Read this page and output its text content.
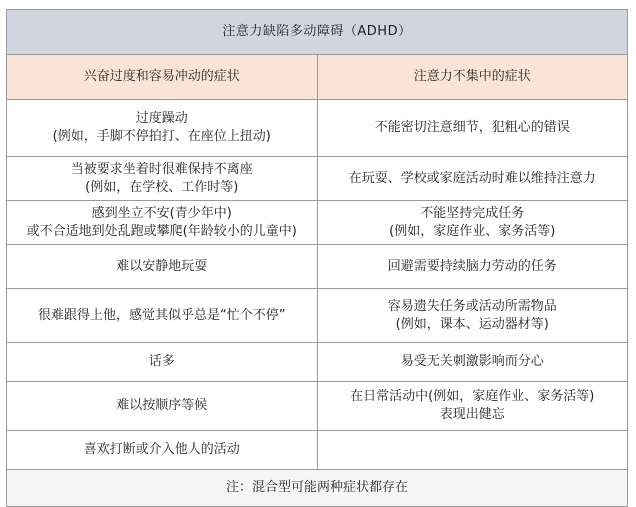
注意力缺陷多动障碍（ADHD）	
兴奋过度和容易冲动的症状	注意力不集中的症状

过度躁动
(例如，手脚不停拍打、在座位上扭动)	不能密切注意细节，犯粗心的错误

当被要求坐着时很难保持不离座
(例如，在学校、工作时等)	在玩耍、学校或家庭活动时难以维持注意力

感到坐立不安(青少年中)
或不合适地到处乱跑或攀爬(年龄较小的儿童中)	不能坚持完成任务
(例如，家庭作业、家务活等)

难以安静地玩耍	回避需要持续脑力劳动的任务

很难跟得上他，感觉其似乎总是“忙个不停”	容易遗失任务或活动所需物品
(例如，课本、运动器材等)

话多	易受无关刺激影响而分心

难以按顺序等候	在日常活动中(例如，家庭作业、家务活等)
表现出健忘

喜欢打断或介入他人的活动	

注：混合型可能两种症状都存在	
